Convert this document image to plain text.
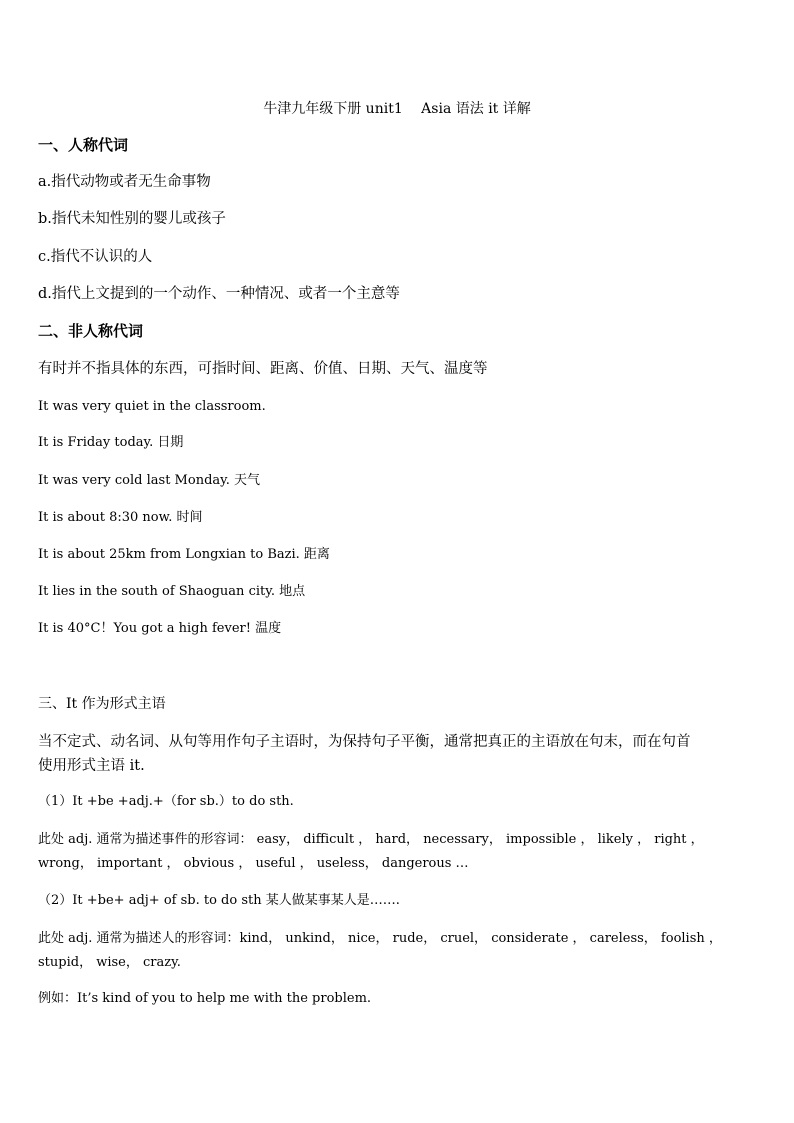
牛津九年级下册 unit1　 Asia 语法 it 详解
一、人称代词
a.指代动物或者无生命事物
b.指代未知性别的婴儿或孩子
c.指代不认识的人
d.指代上文提到的一个动作、一种情况、或者一个主意等
二、非人称代词
有时并不指具体的东西，可指时间、距离、价值、日期、天气、温度等
It was very quiet in the classroom.
It is Friday today. 日期
It was very cold last Monday. 天气
It is about 8:30 now. 时间
It is about 25km from Longxian to Bazi. 距离
It lies in the south of Shaoguan city. 地点
It is 40°C！You got a high fever! 温度
三、It 作为形式主语
当不定式、动名词、从句等用作句子主语时，为保持句子平衡，通常把真正的主语放在句末，而在句首
使用形式主语 it.
（1）It +be +adj.+（for sb.）to do sth.
此处 adj. 通常为描述事件的形容词： easy， difficult ， hard， necessary， impossible ， likely ， right ，
wrong， important ， obvious ， useful ， useless， dangerous …
（2）It +be+ adj+ of sb. to do sth 某人做某事某人是…….
此处 adj. 通常为描述人的形容词：kind， unkind， nice， rude， cruel， considerate ， careless， foolish ，
stupid， wise， crazy.
例如：It’s kind of you to help me with the problem.
